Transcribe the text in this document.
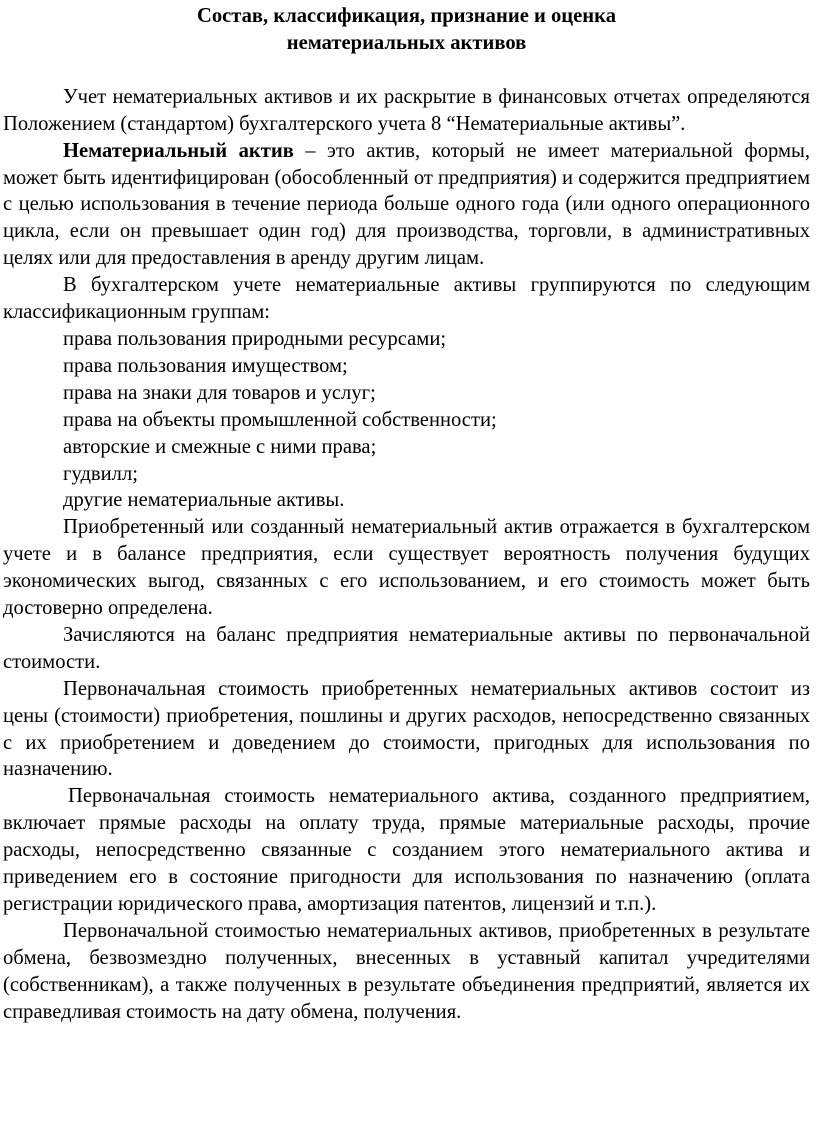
Состав, классификация, признание и оценка
нематериальных активов

Учет нематериальных активов и их раскрытие в финансовых отчетах определяются Положением (стандартом) бухгалтерского учета 8 “Нематериальные активы”.

Нематериальный актив – это актив, который не имеет материальной формы, может быть идентифицирован (обособленный от предприятия) и содержится предприятием с целью использования в течение периода больше одного года (или одного операционного цикла, если он превышает один год) для производства, торговли, в административных целях или для предоставления в аренду другим лицам.

В бухгалтерском учете нематериальные активы группируются по следующим классификационным группам:

права пользования природными ресурсами;
права пользования имуществом;
права на знаки для товаров и услуг;
права на объекты промышленной собственности;
авторские и смежные с ними права;
гудвилл;
другие нематериальные активы.

Приобретенный или созданный нематериальный актив отражается в бухгалтерском учете и в балансе предприятия, если существует вероятность получения будущих экономических выгод, связанных с его использованием, и его стоимость может быть достоверно определена.

Зачисляются на баланс предприятия нематериальные активы по первоначальной стоимости.

Первоначальная стоимость приобретенных нематериальных активов состоит из цены (стоимости) приобретения, пошлины и других расходов, непосредственно связанных с их приобретением и доведением до стоимости, пригодных для использования по назначению.

Первоначальная стоимость нематериального актива, созданного предприятием, включает прямые расходы на оплату труда, прямые материальные расходы, прочие расходы, непосредственно связанные с созданием этого нематериального актива и приведением его в состояние пригодности для использования по назначению (оплата регистрации юридического права, амортизация патентов, лицензий и т.п.).

Первоначальной стоимостью нематериальных активов, приобретенных в результате обмена, безвозмездно полученных, внесенных в уставный капитал учредителями (собственникам), а также полученных в результате объединения предприятий, является их справедливая стоимость на дату обмена, получения.
